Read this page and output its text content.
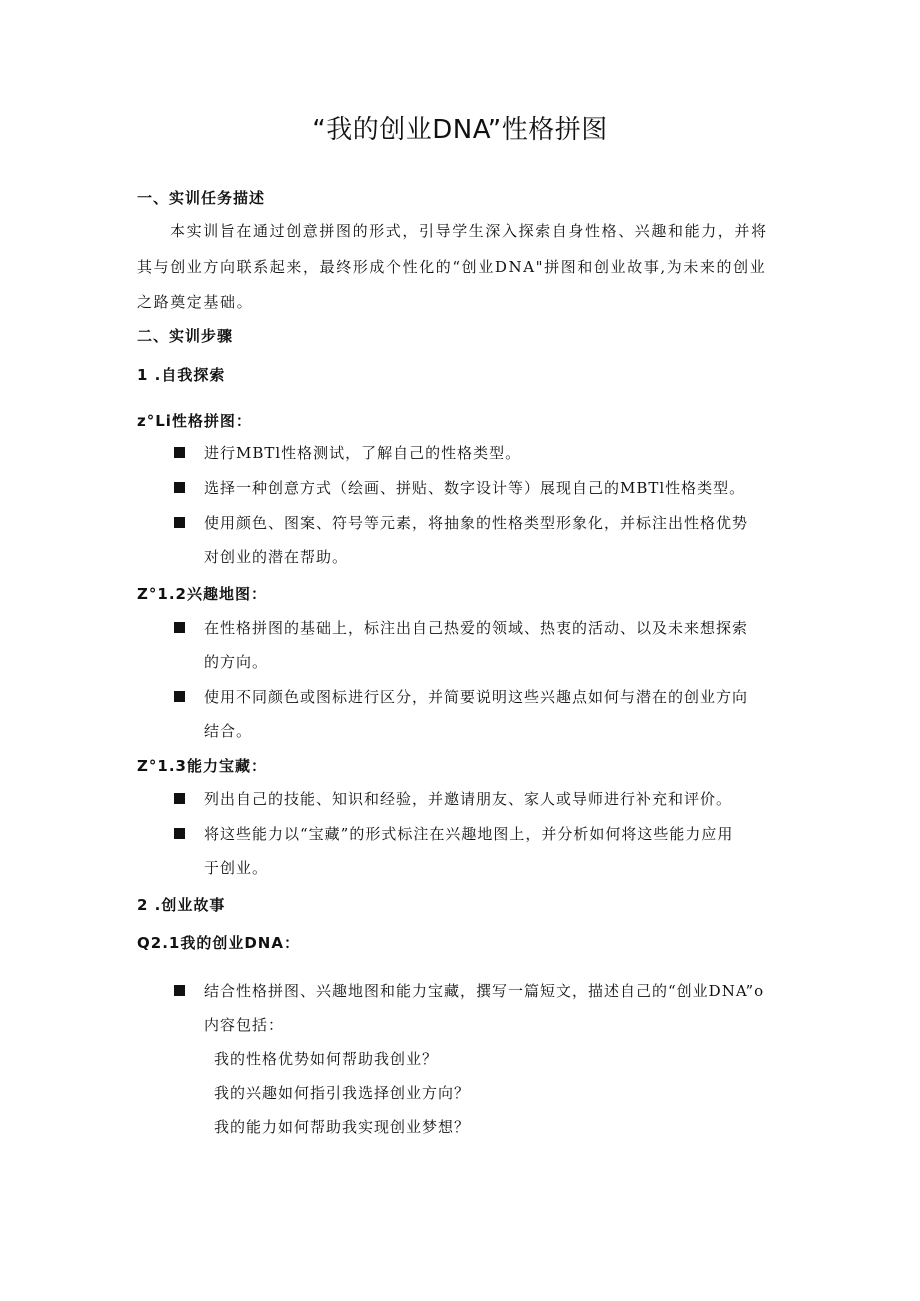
“我的创业DNA”性格拼图
一、实训任务描述
本实训旨在通过创意拼图的形式，引导学生深入探索自身性格、兴趣和能力，并将
其与创业方向联系起来，最终形成个性化的“创业DNA"拼图和创业故事,为未来的创业
之路奠定基础。
二、实训步骤
1 .自我探索
z°Li性格拼图：
进行MBTl性格测试，了解自己的性格类型。
选择一种创意方式（绘画、拼贴、数字设计等）展现自己的MBTl性格类型。
使用颜色、图案、符号等元素，将抽象的性格类型形象化，并标注出性格优势
对创业的潜在帮助。
Z°1.2兴趣地图：
在性格拼图的基础上，标注出自己热爱的领域、热衷的活动、以及未来想探索
的方向。
使用不同颜色或图标进行区分，并简要说明这些兴趣点如何与潜在的创业方向
结合。
Z°1.3能力宝藏：
列出自己的技能、知识和经验，并邀请朋友、家人或导师进行补充和评价。
将这些能力以“宝藏”的形式标注在兴趣地图上，并分析如何将这些能力应用
于创业。
2 .创业故事
Q2.1我的创业DNA：
结合性格拼图、兴趣地图和能力宝藏，撰写一篇短文，描述自己的“创业DNA”o
内容包括：
我的性格优势如何帮助我创业？
我的兴趣如何指引我选择创业方向？
我的能力如何帮助我实现创业梦想？
